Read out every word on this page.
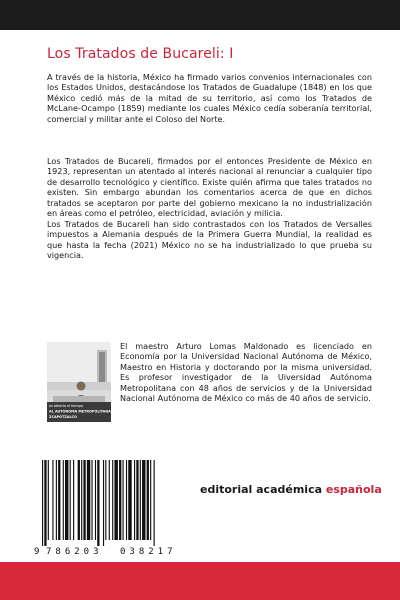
Los Tratados de Bucareli: I
A través de la historia, México ha firmado varios convenios internacionales con los Estados Unidos, destacándose los Tratados de Guadalupe (1848) en los que México cedió más de la mitad de su territorio, así como los Tratados de McLane-Ocampo (1859) mediante los cuales México cedía soberanía territorial, comercial y militar ante el Coloso del Norte.
Los Tratados de Bucareli, firmados por el entonces Presidente de México en 1923, representan un atentado al interés nacional al renunciar a cualquier tipo de desarrollo tecnológico y científico. Existe quién afirma que tales tratados no existen. Sin embargo abundan los comentarios acerca de que en dichos tratados se aceptaron por parte del gobierno mexicano la no industrialización en áreas como el petróleo, electricidad, aviación y milicia.
Los Tratados de Bucareli han sido contrastados con los Tratados de Versalles impuestos a Alemania después de la Primera Guerra Mundial, la realidad es que hasta la fecha (2021) México no se ha industrializado lo que prueba su vigencia.
as abierta al tiempo
AL AUTONOMA METROPOLITANA
ZCAPOTZALCO
El maestro Arturo Lomas Maldonado es licenciado en Economía por la Universidad Nacional Autónoma de México, Maestro en Historia y doctorando por la misma universidad. Es profesor investigador de la Uiversidad Autónoma Metropolitana con 48 años de servicios y de la Universidad Nacional Autónoma de México co más de 40 años de servicio.
9 786203 038217
editorial académica española
